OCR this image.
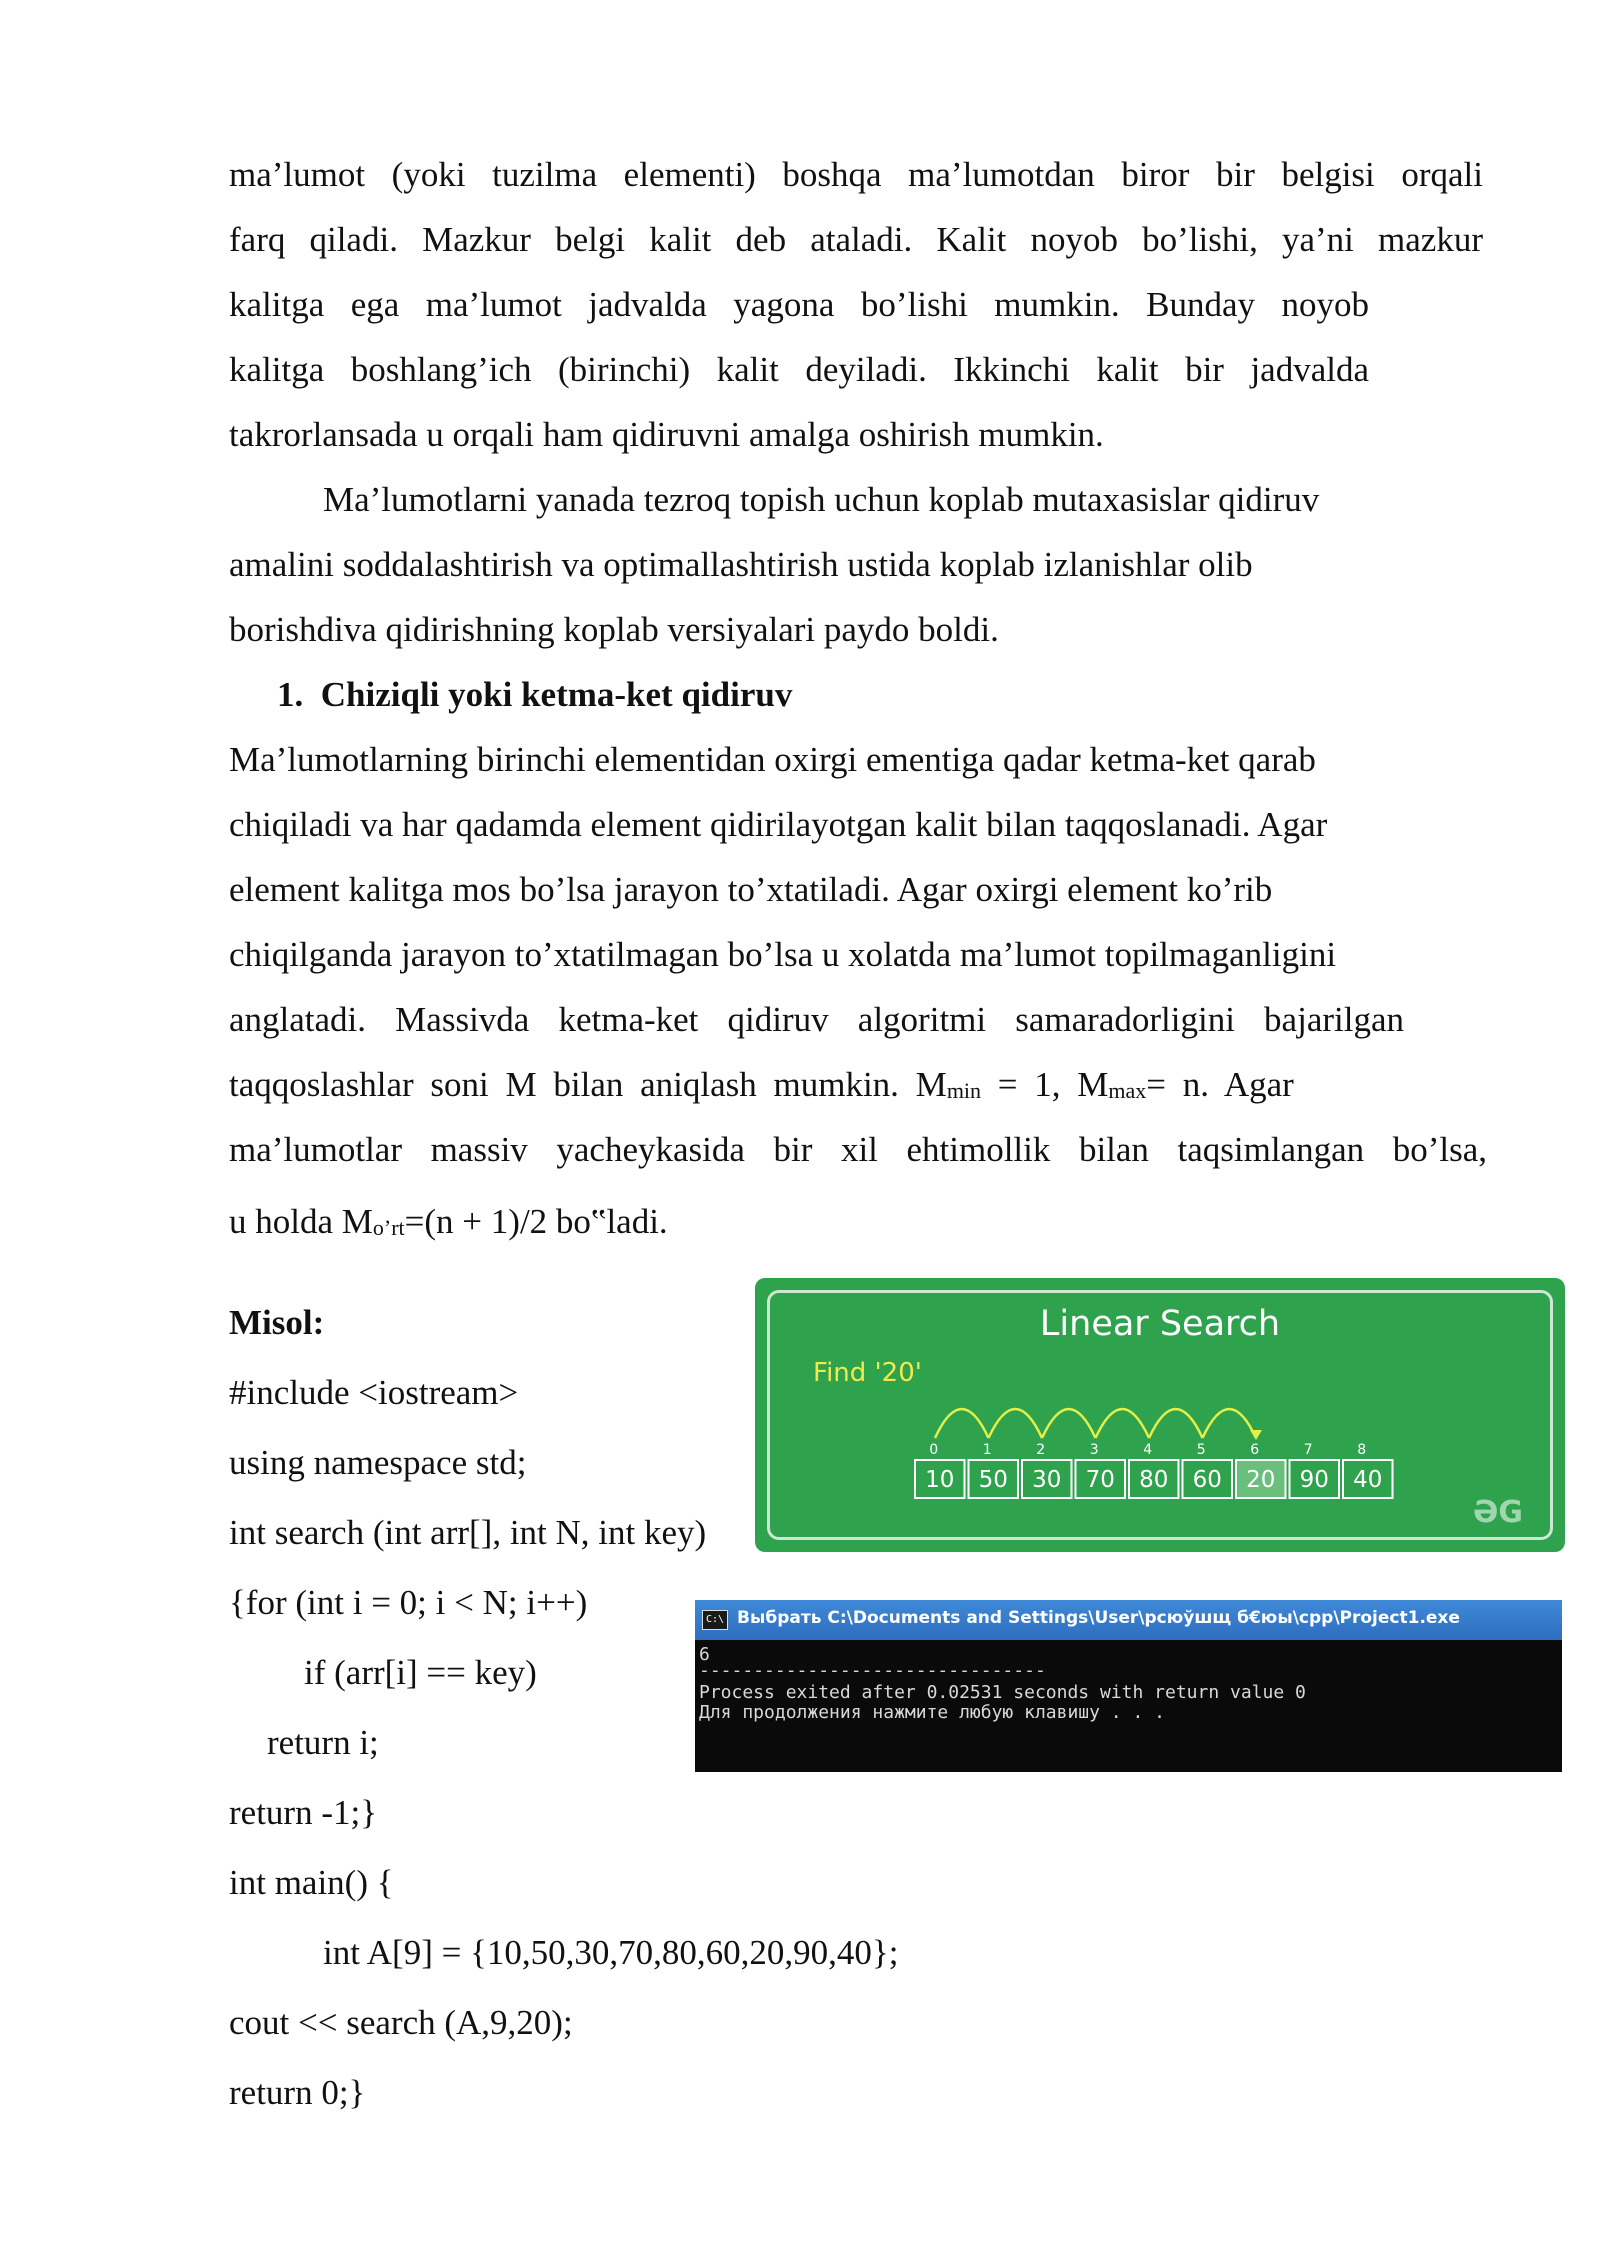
ma’lumot (yoki tuzilma elementi) boshqa ma’lumotdan biror bir belgisi orqali
farq qiladi. Mazkur belgi kalit deb ataladi. Kalit noyob bo’lishi, ya’ni mazkur
kalitga ega ma’lumot jadvalda yagona bo’lishi mumkin. Bunday noyob
kalitga boshlang’ich (birinchi) kalit deyiladi. Ikkinchi kalit bir jadvalda
takrorlansada u orqali ham qidiruvni amalga oshirish mumkin.
Ma’lumotlarni yanada tezroq topish uchun koplab mutaxasislar qidiruv
amalini soddalashtirish va optimallashtirish ustida koplab izlanishlar olib
borishdiva qidirishning koplab versiyalari paydo boldi.
1. Chiziqli yoki ketma-ket qidiruv
Ma’lumotlarning birinchi elementidan oxirgi ementiga qadar ketma-ket qarab
chiqiladi va har qadamda element qidirilayotgan kalit bilan taqqoslanadi. Agar
element kalitga mos bo’lsa jarayon to’xtatiladi. Agar oxirgi element ko’rib
chiqilganda jarayon to’xtatilmagan bo’lsa u xolatda ma’lumot topilmaganligini
anglatadi. Massivda ketma-ket qidiruv algoritmi samaradorligini bajarilgan
taqqoslashlar soni M bilan aniqlash mumkin. $M_{min} = 1$, $M_{max}= n$. Agar
ma’lumotlar massiv yacheykasida bir xil ehtimollik bilan taqsimlangan bo’lsa,
u holda $M_{o’rt}=(n + 1)/2$ bo‟ladi.
Misol:
#include <iostream>
using namespace std;
int search (int arr[], int N, int key)
{for (int i = 0; i < N; i++)
if (arr[i] == key)
return i;
return -1;}
int main() {
int A[9] = {10,50,30,70,80,60,20,90,40};
cout << search (A,9,20);
return 0;}
Linear Search
Find '20'
10
0
50
1
30
2
70
3
80
4
60
5
20
6
90
7
40
8
ƏG
C:\ Выбрать C:\Documents and Settings\User\рсюўшщ б€юы\cpp\Project1.exe
6
--------------------------------
Process exited after 0.02531 seconds with return value 0
Для продолжения нажмите любую клавишу . . .
